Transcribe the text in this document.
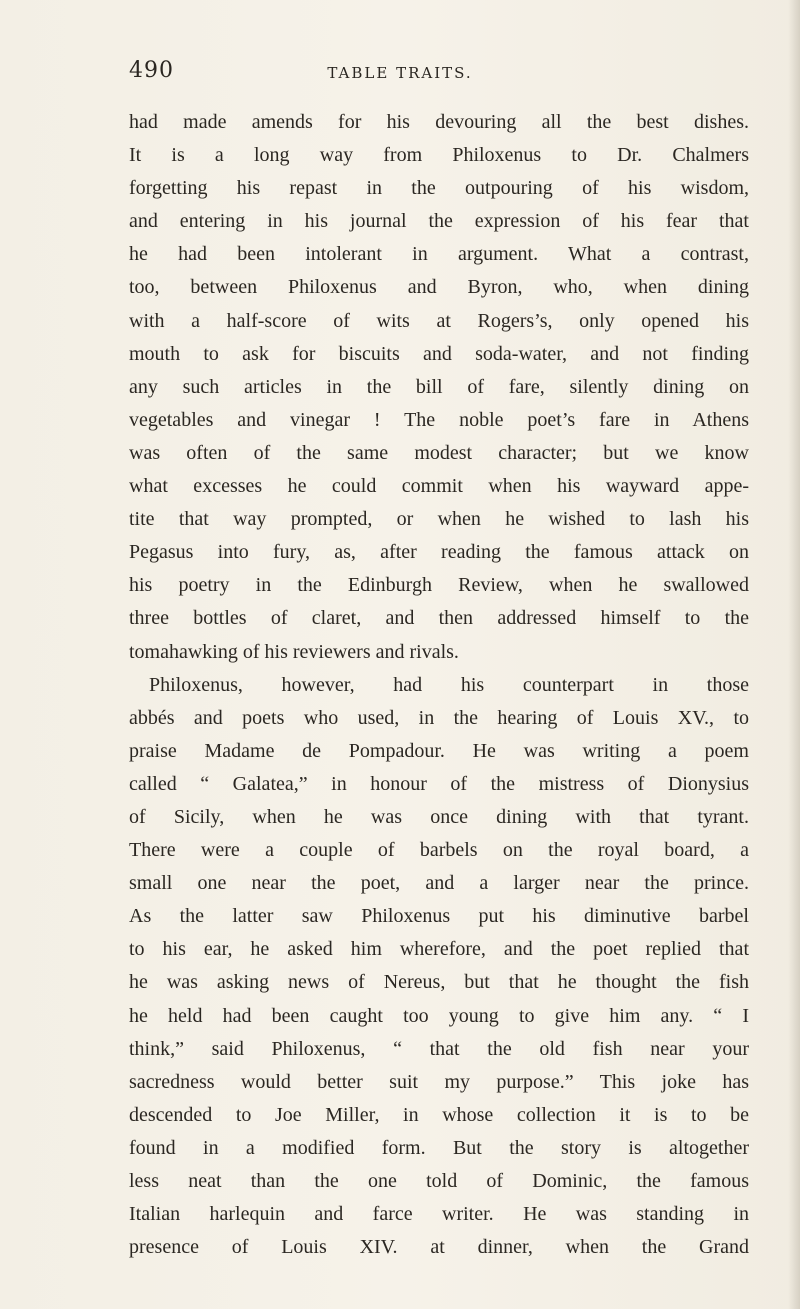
490	TABLE TRAITS.
had made amends for his devouring all the best dishes.
It is a long way from Philoxenus to Dr. Chalmers
forgetting his repast in the outpouring of his wisdom,
and entering in his journal the expression of his fear that
he had been intolerant in argument. What a contrast,
too, between Philoxenus and Byron, who, when dining
with a half-score of wits at Rogers’s, only opened his
mouth to ask for biscuits and soda-water, and not finding
any such articles in the bill of fare, silently dining on
vegetables and vinegar ! The noble poet’s fare in Athens
was often of the same modest character; but we know
what excesses he could commit when his wayward appe-
tite that way prompted, or when he wished to lash his
Pegasus into fury, as, after reading the famous attack on
his poetry in the Edinburgh Review, when he swallowed
three bottles of claret, and then addressed himself to the
tomahawking of his reviewers and rivals.
Philoxenus, however, had his counterpart in those
abbés and poets who used, in the hearing of Louis XV., to
praise Madame de Pompadour. He was writing a poem
called “ Galatea,” in honour of the mistress of Dionysius
of Sicily, when he was once dining with that tyrant.
There were a couple of barbels on the royal board, a
small one near the poet, and a larger near the prince.
As the latter saw Philoxenus put his diminutive barbel
to his ear, he asked him wherefore, and the poet replied that
he was asking news of Nereus, but that he thought the fish
he held had been caught too young to give him any. “ I
think,” said Philoxenus, “ that the old fish near your
sacredness would better suit my purpose.” This joke has
descended to Joe Miller, in whose collection it is to be
found in a modified form. But the story is altogether
less neat than the one told of Dominic, the famous
Italian harlequin and farce writer. He was standing in
presence of Louis XIV. at dinner, when the Grand
